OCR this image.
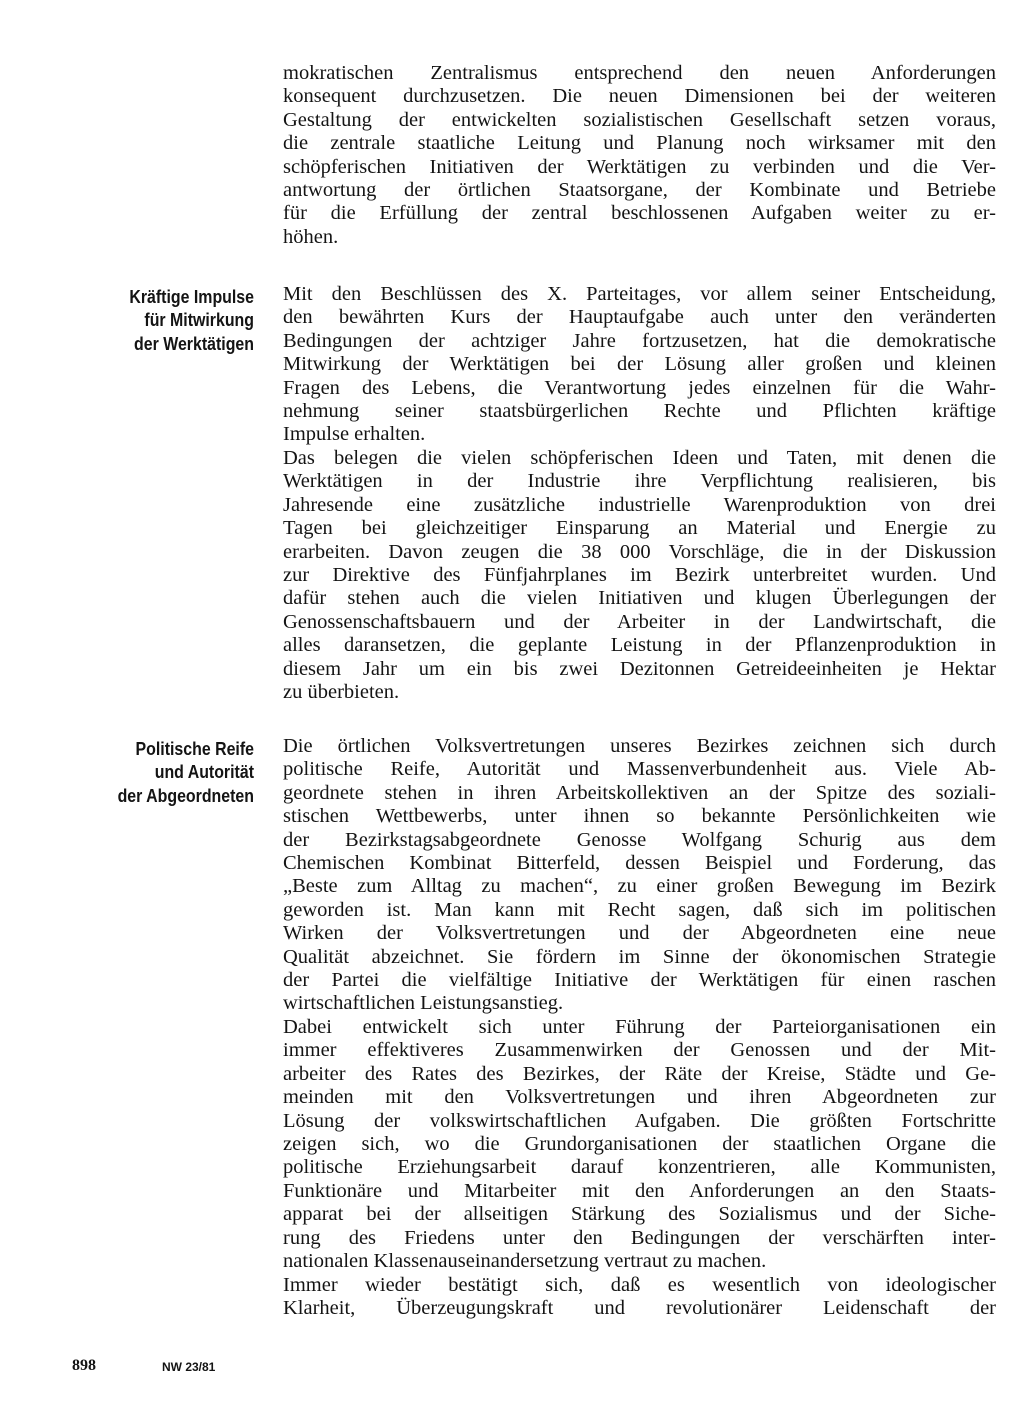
mokratischen Zentralismus entsprechend den neuen Anforderungen
konsequent durchzusetzen. Die neuen Dimensionen bei der weiteren
Gestaltung der entwickelten sozialistischen Gesellschaft setzen voraus,
die zentrale staatliche Leitung und Planung noch wirksamer mit den
schöpferischen Initiativen der Werktätigen zu verbinden und die Ver-
antwortung der örtlichen Staatsorgane, der Kombinate und Betriebe
für die Erfüllung der zentral beschlossenen Aufgaben weiter zu er-
höhen.
Kräftige Impulse
für Mitwirkung
der Werktätigen
Mit den Beschlüssen des X. Parteitages, vor allem seiner Entscheidung,
den bewährten Kurs der Hauptaufgabe auch unter den veränderten
Bedingungen der achtziger Jahre fortzusetzen, hat die demokratische
Mitwirkung der Werktätigen bei der Lösung aller großen und kleinen
Fragen des Lebens, die Verantwortung jedes einzelnen für die Wahr-
nehmung seiner staatsbürgerlichen Rechte und Pflichten kräftige
Impulse erhalten.
Das belegen die vielen schöpferischen Ideen und Taten, mit denen die
Werktätigen in der Industrie ihre Verpflichtung realisieren, bis
Jahresende eine zusätzliche industrielle Warenproduktion von drei
Tagen bei gleichzeitiger Einsparung an Material und Energie zu
erarbeiten. Davon zeugen die 38 000 Vorschläge, die in der Diskussion
zur Direktive des Fünfjahrplanes im Bezirk unterbreitet wurden. Und
dafür stehen auch die vielen Initiativen und klugen Überlegungen der
Genossenschaftsbauern und der Arbeiter in der Landwirtschaft, die
alles daransetzen, die geplante Leistung in der Pflanzenproduktion in
diesem Jahr um ein bis zwei Dezitonnen Getreideeinheiten je Hektar
zu überbieten.
Politische Reife
und Autorität
der Abgeordneten
Die örtlichen Volksvertretungen unseres Bezirkes zeichnen sich durch
politische Reife, Autorität und Massenverbundenheit aus. Viele Ab-
geordnete stehen in ihren Arbeitskollektiven an der Spitze des soziali-
stischen Wettbewerbs, unter ihnen so bekannte Persönlichkeiten wie
der Bezirkstagsabgeordnete Genosse Wolfgang Schurig aus dem
Chemischen Kombinat Bitterfeld, dessen Beispiel und Forderung, das
„Beste zum Alltag zu machen“, zu einer großen Bewegung im Bezirk
geworden ist. Man kann mit Recht sagen, daß sich im politischen
Wirken der Volksvertretungen und der Abgeordneten eine neue
Qualität abzeichnet. Sie fördern im Sinne der ökonomischen Strategie
der Partei die vielfältige Initiative der Werktätigen für einen raschen
wirtschaftlichen Leistungsanstieg.
Dabei entwickelt sich unter Führung der Parteiorganisationen ein
immer effektiveres Zusammenwirken der Genossen und der Mit-
arbeiter des Rates des Bezirkes, der Räte der Kreise, Städte und Ge-
meinden mit den Volksvertretungen und ihren Abgeordneten zur
Lösung der volkswirtschaftlichen Aufgaben. Die größten Fortschritte
zeigen sich, wo die Grundorganisationen der staatlichen Organe die
politische Erziehungsarbeit darauf konzentrieren, alle Kommunisten,
Funktionäre und Mitarbeiter mit den Anforderungen an den Staats-
apparat bei der allseitigen Stärkung des Sozialismus und der Siche-
rung des Friedens unter den Bedingungen der verschärften inter-
nationalen Klassenauseinandersetzung vertraut zu machen.
Immer wieder bestätigt sich, daß es wesentlich von ideologischer
Klarheit, Überzeugungskraft und revolutionärer Leidenschaft der
898	NW 23/81
